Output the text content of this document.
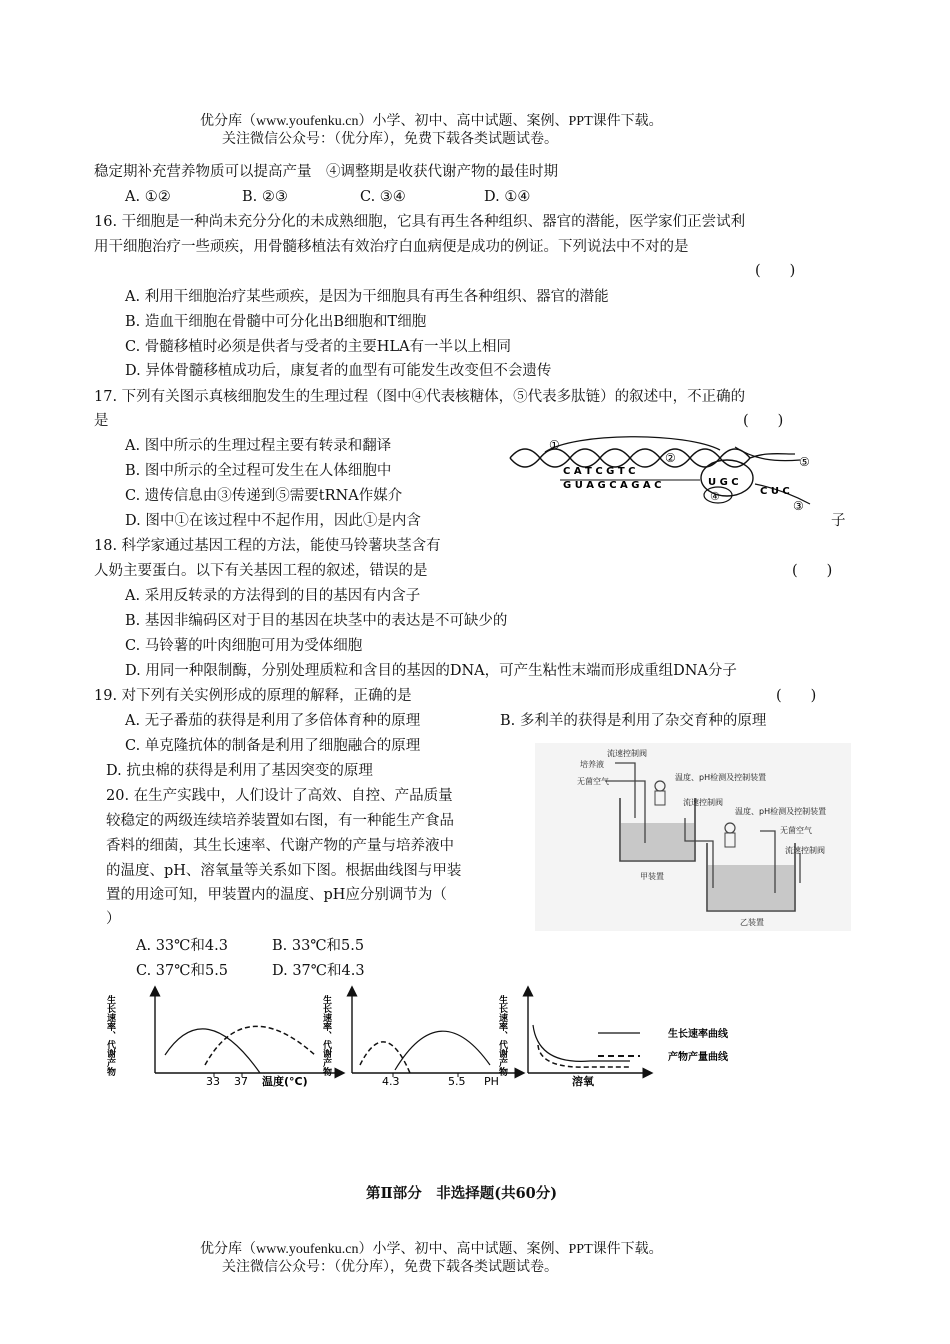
优分库（www.youfenku.cn）小学、初中、高中试题、案例、PPT课件下载。
关注微信公众号：（优分库），免费下载各类试题试卷。
稳定期补充营养物质可以提高产量　④调整期是收获代谢产物的最佳时期
A. ①②	B. ②③	C. ③④	D. ①④
16. 干细胞是一种尚未充分分化的未成熟细胞，它具有再生各种组织、器官的潜能，医学家们正尝试利
用干细胞治疗一些顽疾，用骨髓移植法有效治疗白血病便是成功的例证。下列说法中不对的是
(　　)
A. 利用干细胞治疗某些顽疾，是因为干细胞具有再生各种组织、器官的潜能
B. 造血干细胞在骨髓中可分化出B细胞和T细胞
C. 骨髓移植时必须是供者与受者的主要HLA有一半以上相同
D. 异体骨髓移植成功后，康复者的血型有可能发生改变但不会遗传
17. 下列有关图示真核细胞发生的生理过程（图中④代表核糖体，⑤代表多肽链）的叙述中，不正确的
是	(　　)
A. 图中所示的生理过程主要有转录和翻译
B. 图中所示的全过程可发生在人体细胞中
C. 遗传信息由③传递到⑤需要tRNA作媒介
D. 图中①在该过程中不起作用，因此①是内含	子
C A T C G T C
G U A G C A G A C	U G C
C U C
①
②	⑤
④
③
18. 科学家通过基因工程的方法，能使马铃薯块茎含有
人奶主要蛋白。以下有关基因工程的叙述，错误的是	(　　)
A. 采用反转录的方法得到的目的基因有内含子
B. 基因非编码区对于目的基因在块茎中的表达是不可缺少的
C. 马铃薯的叶肉细胞可用为受体细胞
D. 用同一种限制酶，分别处理质粒和含目的基因的DNA，可产生粘性末端而形成重组DNA分子
19. 对下列有关实例形成的原理的解释，正确的是	(　　)
A. 无子番茄的获得是利用了多倍体育种的原理	B. 多利羊的获得是利用了杂交育种的原理
C. 单克隆抗体的制备是利用了细胞融合的原理
D. 抗虫棉的获得是利用了基因突变的原理
20. 在生产实践中，人们设计了高效、自控、产品质量
较稳定的两级连续培养装置如右图，有一种能生产食品
香料的细菌，其生长速率、代谢产物的产量与培养液中
的温度、pH、溶氧量等关系如下图。根据曲线图与甲装
置的用途可知，甲装置内的温度、pH应分别调节为（
）
A. 33℃和4.3	B. 33℃和5.5
C. 37℃和5.5	D. 37℃和4.3
流速控制阀
培养液
无菌空气	温度、pH检测及控制装置
流速控制阀
温度、pH检测及控制装置
无菌空气
流速控制阀
甲装置
乙装置
生长速率、代谢产物
33 37 温度(°C)
生长速率、代谢产物
4.3	5.5 PH
生长速率、代谢产物
溶氧
生长速率曲线
产物产量曲线
第Ⅱ部分　非选择题(共60分)
优分库（www.youfenku.cn）小学、初中、高中试题、案例、PPT课件下载。
关注微信公众号：（优分库），免费下载各类试题试卷。
